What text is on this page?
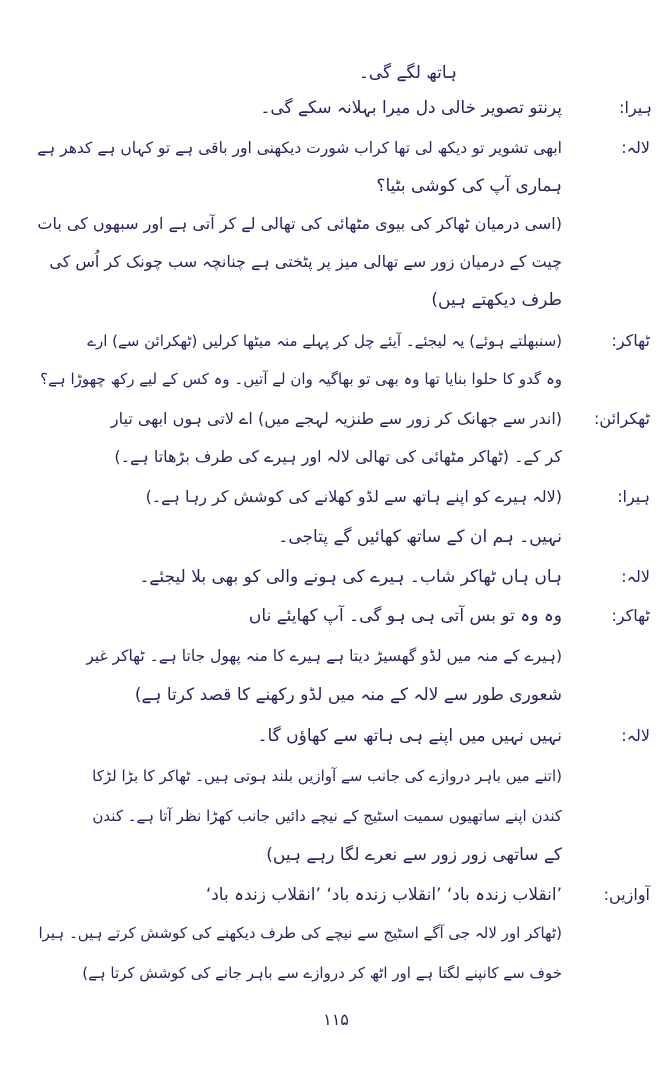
ہاتھ لگے گی۔
ہیرا:
پرنتو تصویر خالی دل میرا بہلانہ سکے گی۔
لالہ:
ابھی تشویر تو دیکھ لی تھا کراب شورت دیکھنی اور باقی ہے تو کہاں ہے کدھر ہے
ہماری آپ کی کوشی بٹیا؟
(اسی درمیان ٹھاکر کی بیوی مٹھائی کی تھالی لے کر آتی ہے اور سبھوں کی بات
چیت کے درمیان زور سے تھالی میز پر پٹختی ہے چنانچہ سب چونک کر اُس کی
طرف دیکھتے ہیں)
ٹھاکر:
(سنبھلتے ہوئے) یہ لیجئے۔ آیئے چل کر پہلے منہ میٹھا کرلیں (ٹھکرائن سے) ارے
وہ گدو کا حلوا بنایا تھا وہ بھی تو بھاگیہ وان لے آتیں۔ وہ کس کے لیے رکھ چھوڑا ہے؟
ٹھکرائن:
(اندر سے جھانک کر زور سے طنزیہ لہجے میں) اے لاتی ہوں ابھی تیار
کر کے۔ (ٹھاکر مٹھائی کی تھالی لالہ اور ہیرے کی طرف بڑھاتا ہے۔)
ہیرا:
(لالہ ہیرے کو اپنے ہاتھ سے لڈو کھلانے کی کوشش کر رہا ہے۔)
نہیں۔ ہم ان کے ساتھ کھائیں گے پتاجی۔
لالہ:
ہاں ہاں ٹھاکر شاب۔ ہیرے کی ہونے والی کو بھی بلا لیجئے۔
ٹھاکر:
وہ وہ تو بس آتی ہی ہو گی۔ آپ کھایئے ناں
(ہیرے کے منہ میں لڈو گھسیڑ دیتا ہے ہیرے کا منہ پھول جاتا ہے۔ ٹھاکر غیر
شعوری طور سے لالہ کے منہ میں لڈو رکھنے کا قصد کرتا ہے)
لالہ:
نہیں نہیں میں اپنے ہی ہاتھ سے کھاؤں گا۔
(اتنے میں باہر دروازے کی جانب سے آوازیں بلند ہوتی ہیں۔ ٹھاکر کا بڑا لڑکا
کندن اپنے ساتھیوں سمیت اسٹیج کے نیچے دائیں جانب کھڑا نظر آتا ہے۔ کندن
کے ساتھی زور زور سے نعرے لگا رہے ہیں)
آوازیں:
’انقلاب زندہ باد‘ ’انقلاب زندہ باد‘ ’انقلاب زندہ باد‘
(ٹھاکر اور لالہ جی آگے اسٹیج سے نیچے کی طرف دیکھنے کی کوشش کرتے ہیں۔ ہیرا
خوف سے کانپنے لگتا ہے اور اٹھ کر دروازے سے باہر جانے کی کوشش کرتا ہے)
۱۱۵
